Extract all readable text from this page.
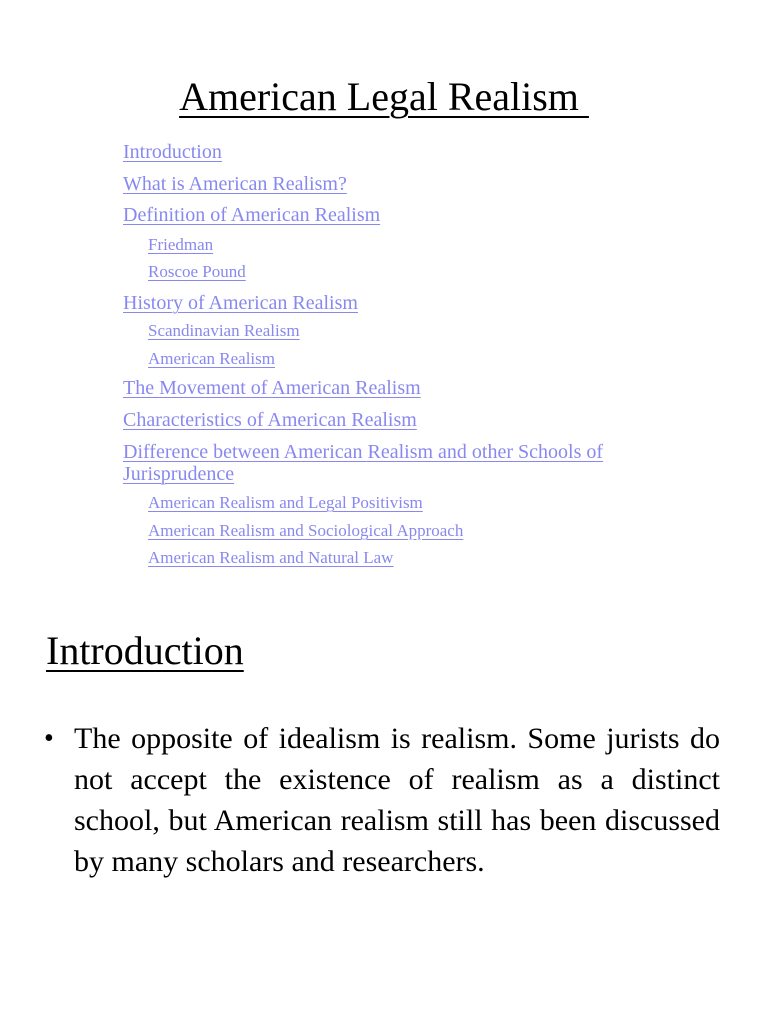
American Legal Realism
Introduction
What is American Realism?
Definition of American Realism
Friedman
Roscoe Pound
History of American Realism
Scandinavian Realism
American Realism
The Movement of American Realism
Characteristics of American Realism
Difference between American Realism and other Schools of Jurisprudence
American Realism and Legal Positivism
American Realism and Sociological Approach
American Realism and Natural Law
Introduction
• The opposite of idealism is realism. Some jurists do not accept the existence of realism as a distinct school, but American realism still has been discussed by many scholars and researchers.
